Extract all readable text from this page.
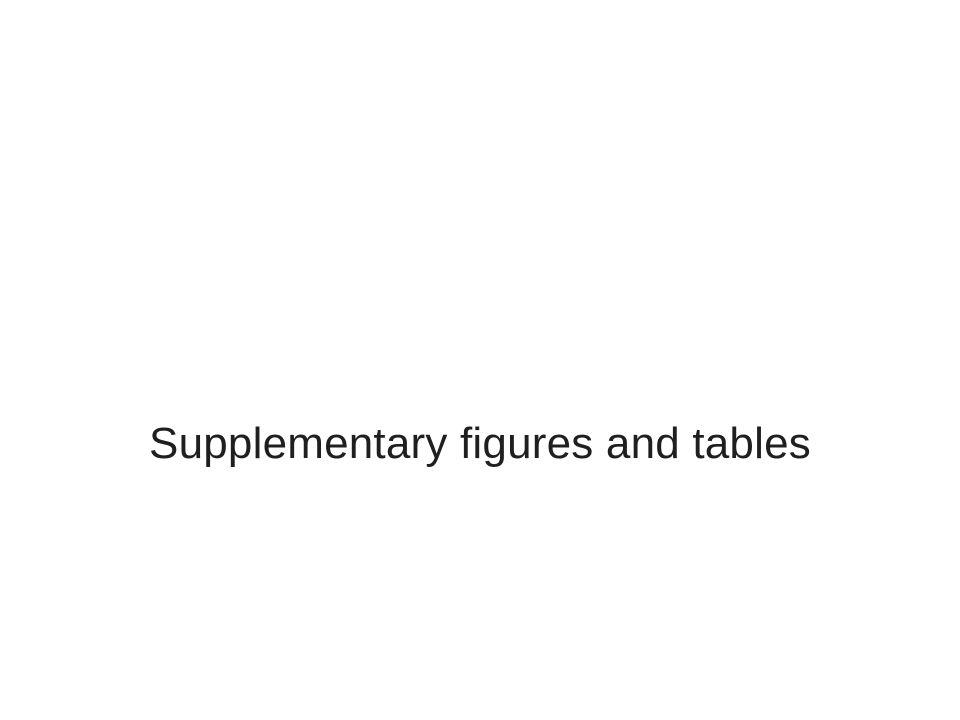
Supplementary figures and tables
